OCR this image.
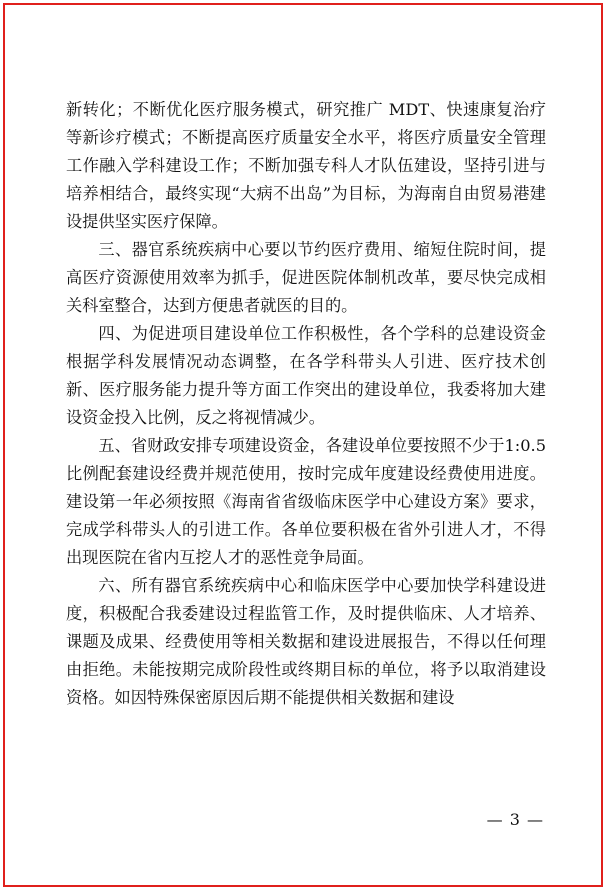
新转化；不断优化医疗服务模式，研究推广 MDT、快速康复治疗等新诊疗模式；不断提高医疗质量安全水平，将医疗质量安全管理工作融入学科建设工作；不断加强专科人才队伍建设，坚持引进与培养相结合，最终实现“大病不出岛”为目标，为海南自由贸易港建设提供坚实医疗保障。

三、器官系统疾病中心要以节约医疗费用、缩短住院时间，提高医疗资源使用效率为抓手，促进医院体制机改革，要尽快完成相关科室整合，达到方便患者就医的目的。

四、为促进项目建设单位工作积极性，各个学科的总建设资金根据学科发展情况动态调整，在各学科带头人引进、医疗技术创新、医疗服务能力提升等方面工作突出的建设单位，我委将加大建设资金投入比例，反之将视情减少。

五、省财政安排专项建设资金，各建设单位要按照不少于1:0.5 比例配套建设经费并规范使用，按时完成年度建设经费使用进度。建设第一年必须按照《海南省省级临床医学中心建设方案》要求，完成学科带头人的引进工作。各单位要积极在省外引进人才，不得出现医院在省内互挖人才的恶性竞争局面。

六、所有器官系统疾病中心和临床医学中心要加快学科建设进度，积极配合我委建设过程监管工作，及时提供临床、人才培养、课题及成果、经费使用等相关数据和建设进展报告，不得以任何理由拒绝。未能按期完成阶段性或终期目标的单位，将予以取消建设资格。如因特殊保密原因后期不能提供相关数据和建设

— 3 —
